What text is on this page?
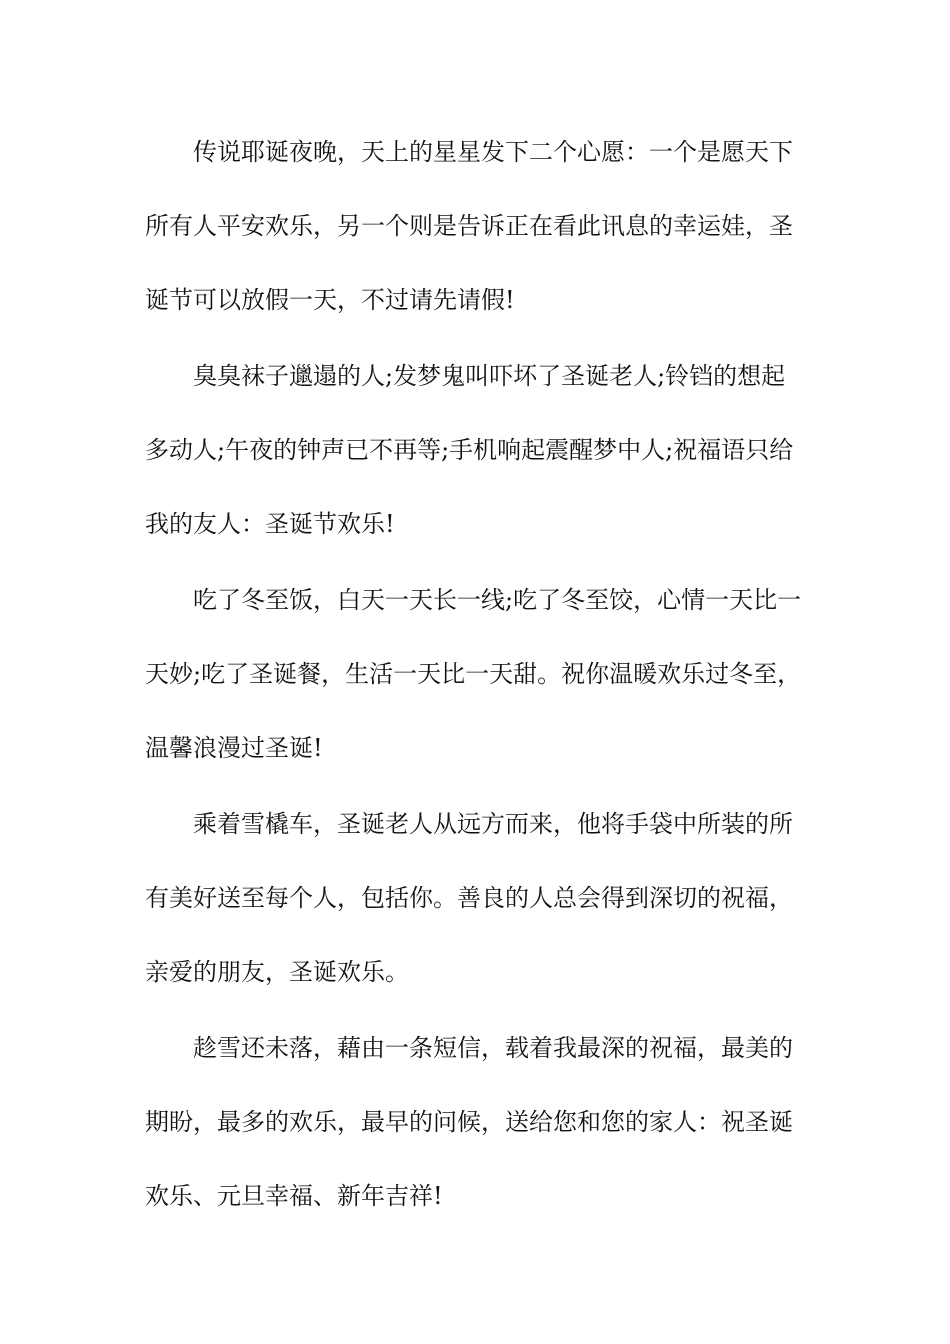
传说耶诞夜晚，天上的星星发下二个心愿：一个是愿天下
所有人平安欢乐，另一个则是告诉正在看此讯息的幸运娃，圣
诞节可以放假一天，不过请先请假!
臭臭袜子邋遢的人;发梦鬼叫吓坏了圣诞老人;铃铛的想起
多动人;午夜的钟声已不再等;手机响起震醒梦中人;祝福语只给
我的友人：圣诞节欢乐!
吃了冬至饭，白天一天长一线;吃了冬至饺，心情一天比一
天妙;吃了圣诞餐，生活一天比一天甜。祝你温暖欢乐过冬至，
温馨浪漫过圣诞!
乘着雪橇车，圣诞老人从远方而来，他将手袋中所装的所
有美好送至每个人，包括你。善良的人总会得到深切的祝福，
亲爱的朋友，圣诞欢乐。
趁雪还未落，藉由一条短信，载着我最深的祝福，最美的
期盼，最多的欢乐，最早的问候，送给您和您的家人：祝圣诞
欢乐、元旦幸福、新年吉祥!
